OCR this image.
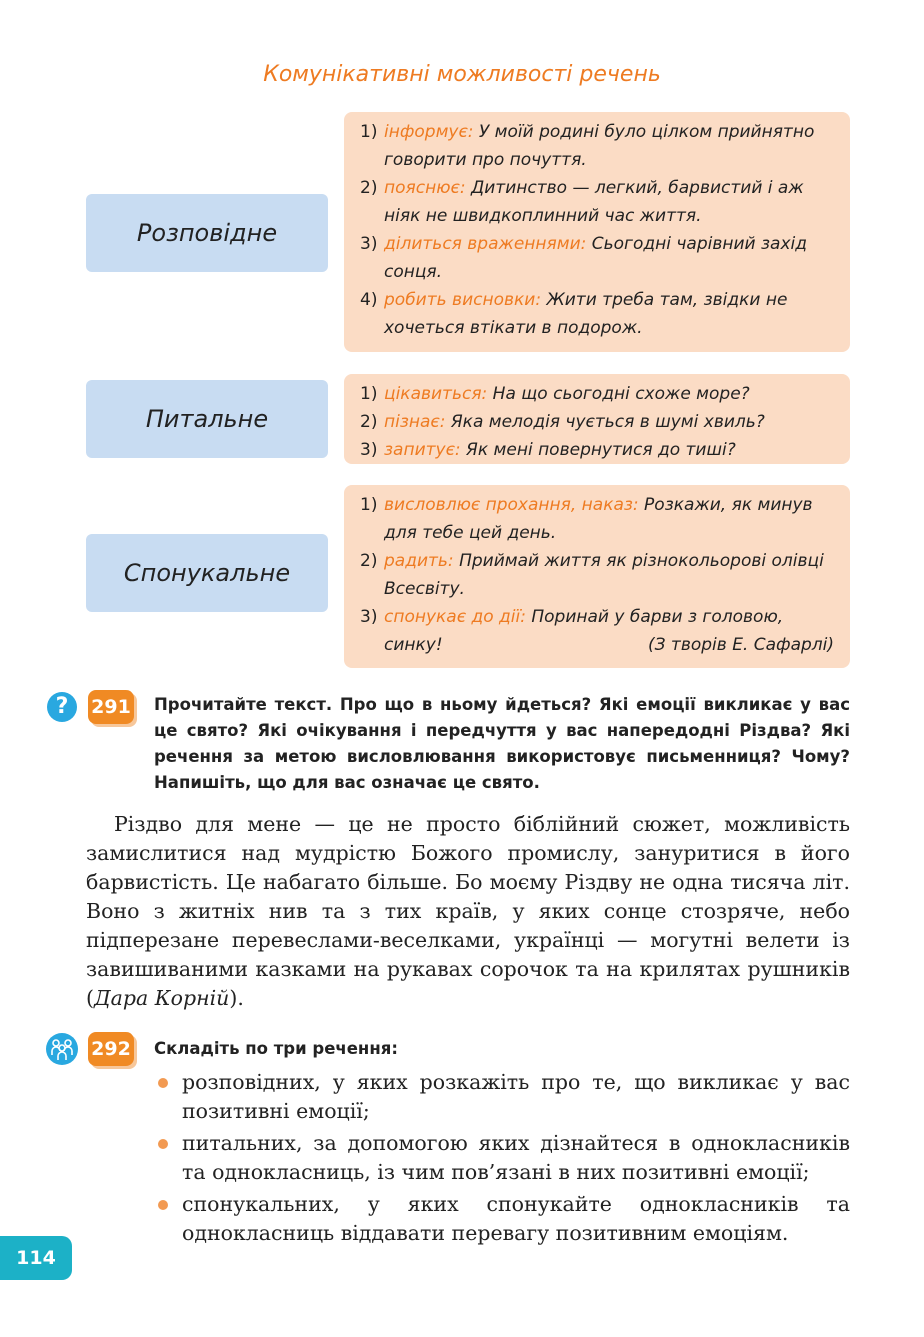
Комунікативні можливості речень
Розповідне
1) інформує: У моїй родині було цілком прийнятно говорити про почуття.
2) пояснює: Дитинство — легкий, барвистий і аж ніяк не швидкоплинний час життя.
3) ділиться враженнями: Сьогодні чарівний захід сонця.
4) робить висновки: Жити треба там, звідки не хочеться втікати в подорож.
Питальне
1) цікавиться: На що сьогодні схоже море?
2) пізнає: Яка мелодія чується в шумі хвиль?
3) запитує: Як мені повернутися до тиші?
Спонукальне
1) висловлює прохання, наказ: Розкажи, як минув для тебе цей день.
2) радить: Приймай життя як різнокольорові олівці Всесвіту.
3) спонукає до дії: Поринай у барви з головою, синку!	(З творів Е. Сафарлі)
?	291 Прочитайте текст. Про що в ньому йдеться? Які емоції викликає у вас це свято? Які очікування і передчуття у вас напередодні Різдва? Які речення за метою висловлювання використовує письменниця? Чому? Напишіть, що для вас означає це свято.
Різдво для мене — це не просто біблійний сюжет, можливість замислитися над мудрістю Божого промислу, зануритися в його барвистість. Це набагато більше. Бо моєму Різдву не одна тисяча літ. Воно з житніх нив та з тих країв, у яких сонце стозряче, небо підперезане перевеслами-веселками, українці — могутні велети із завишиваними казками на рукавах сорочок та на крилятах рушників (Дара Корній).
292 Складіть по три речення:
розповідних, у яких розкажіть про те, що викликає у вас позитивні емоції;
питальних, за допомогою яких дізнайтеся в однокласників та однокласниць, із чим пов’язані в них позитивні емоції;
спонукальних, у яких спонукайте однокласників та однокласниць віддавати перевагу позитивним емоціям.
114
